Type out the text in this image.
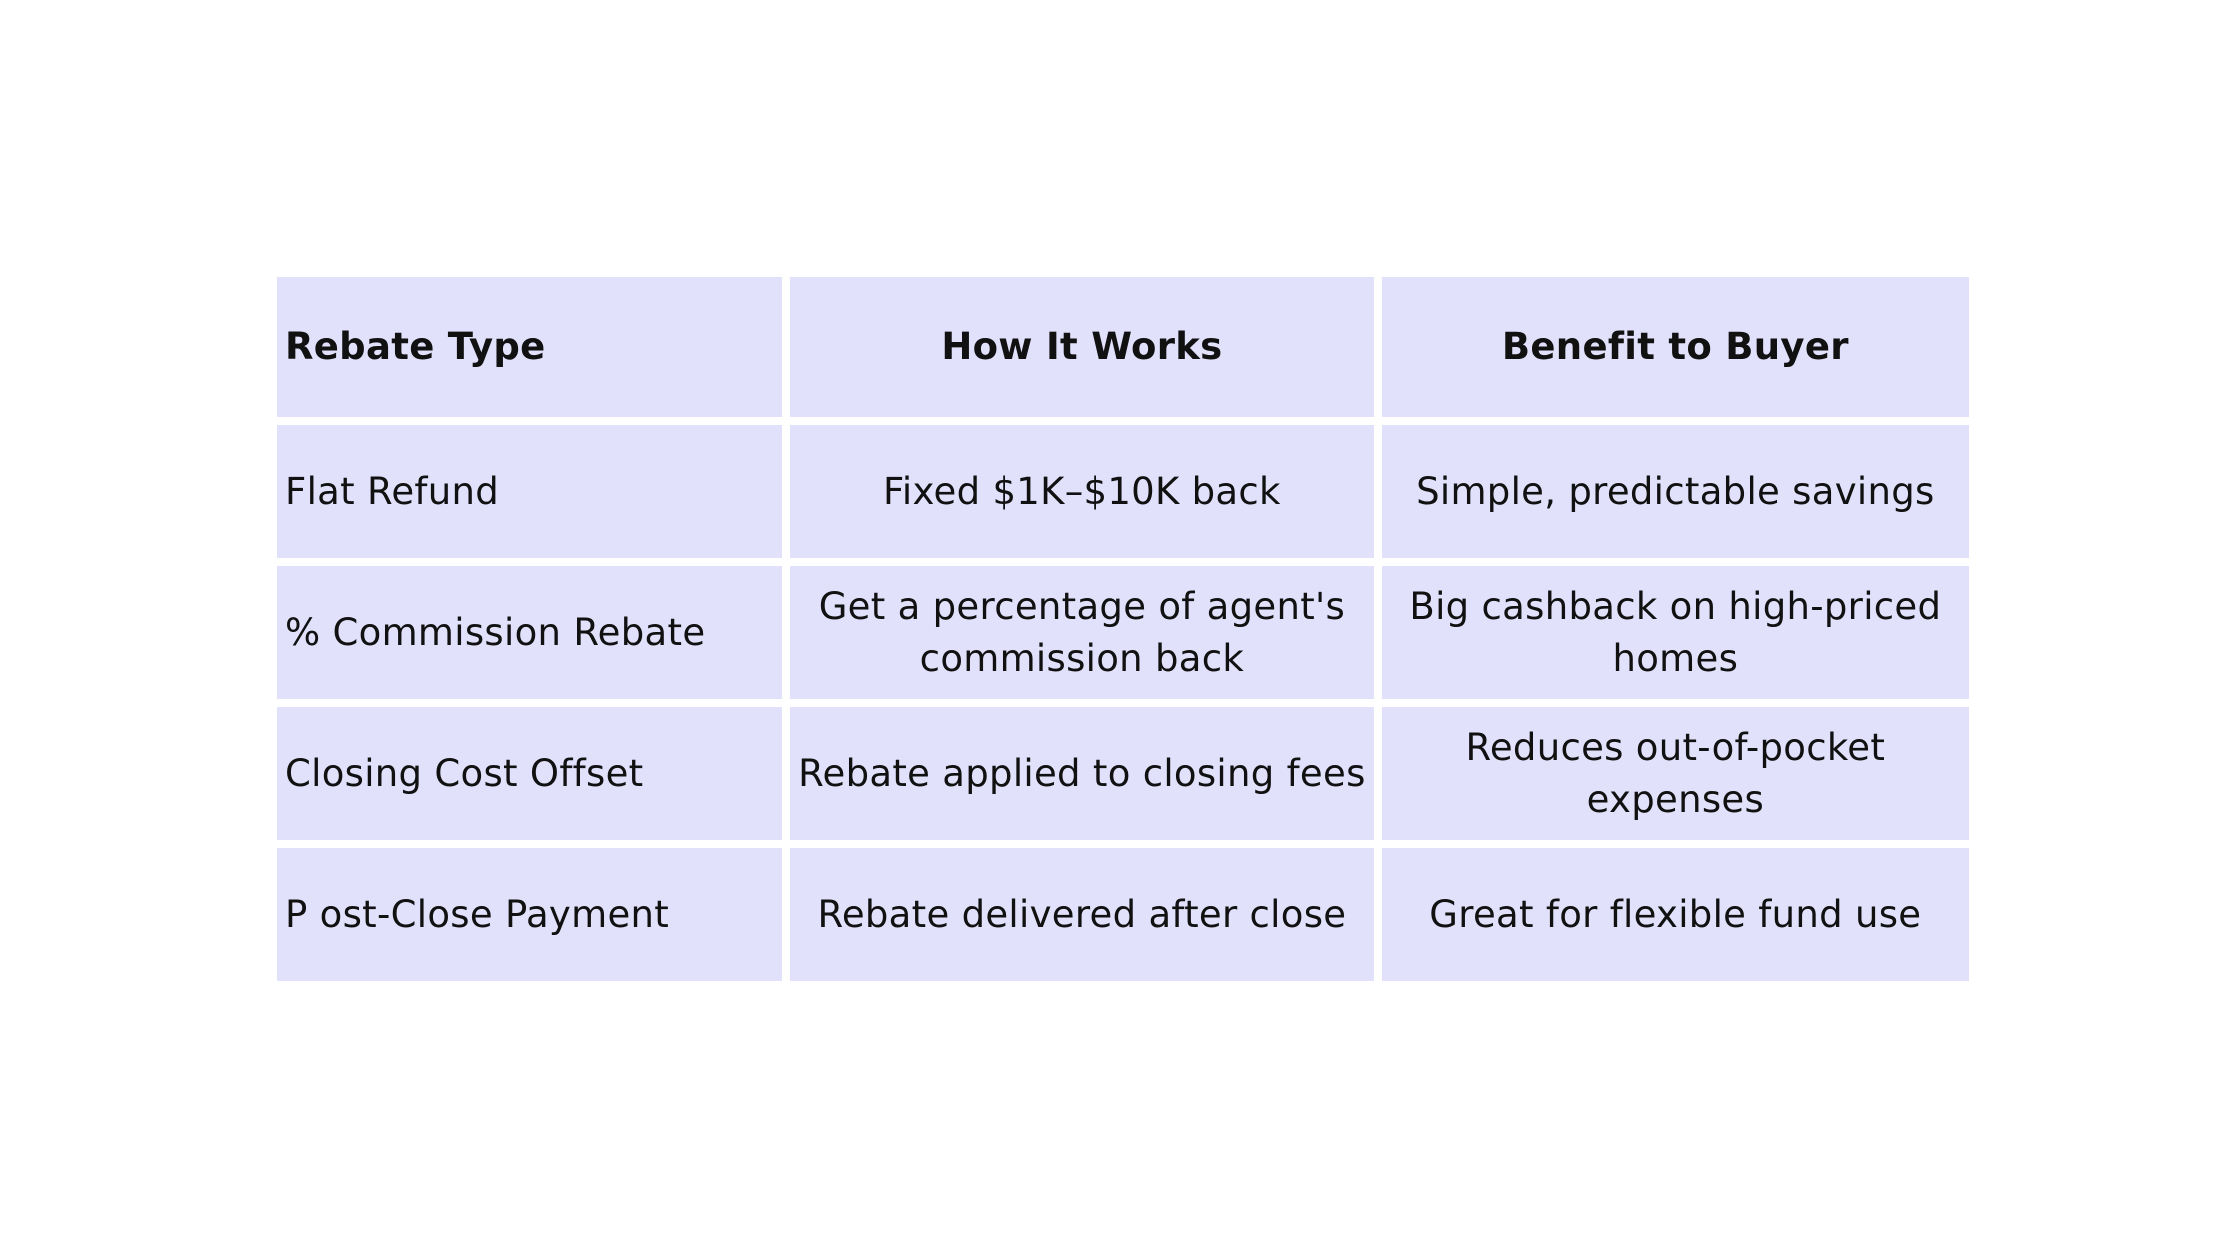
Rebate Type	How It Works	Benefit to Buyer
Flat Refund	Fixed $1K–$10K back	Simple, predictable savings
% Commission Rebate	Get a percentage of agent's commission back	Big cashback on high-priced homes
Closing Cost Offset	Rebate applied to closing fees	Reduces out-of-pocket expenses
P ost-Close Payment	Rebate delivered after close	Great for flexible fund use
